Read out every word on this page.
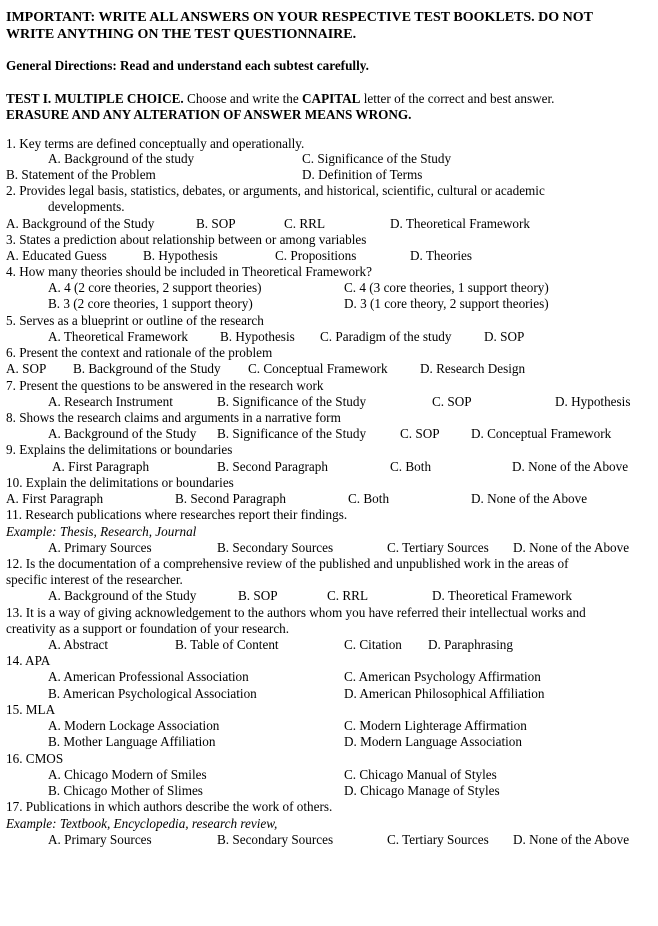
IMPORTANT: WRITE ALL ANSWERS ON YOUR RESPECTIVE TEST BOOKLETS. DO NOT
WRITE ANYTHING ON THE TEST QUESTIONNAIRE.
General Directions: Read and understand each subtest carefully.
TEST I. MULTIPLE CHOICE. Choose and write the CAPITAL letter of the correct and best answer.
ERASURE AND ANY ALTERATION OF ANSWER MEANS WRONG.
1. Key terms are defined conceptually and operationally.
A. Background of the study	C. Significance of the Study
B. Statement of the Problem	D. Definition of Terms
2. Provides legal basis, statistics, debates, or arguments, and historical, scientific, cultural or academic
developments.
A. Background of the Study	B. SOP	C. RRL	D. Theoretical Framework
3. States a prediction about relationship between or among variables
A. Educated Guess	B. Hypothesis	C. Propositions	D. Theories
4. How many theories should be included in Theoretical Framework?
A. 4 (2 core theories, 2 support theories)	C. 4 (3 core theories, 1 support theory)
B. 3 (2 core theories, 1 support theory)	D. 3 (1 core theory, 2 support theories)
5. Serves as a blueprint or outline of the research
A. Theoretical Framework B. Hypothesis C. Paradigm of the study D. SOP
6. Present the context and rationale of the problem
A. SOP B. Background of the Study C. Conceptual Framework D. Research Design
7. Present the questions to be answered in the research work
A. Research Instrument	B. Significance of the Study	C. SOP	D. Hypothesis
8. Shows the research claims and arguments in a narrative form
A. Background of the Study B. Significance of the Study	C. SOP D. Conceptual Framework
9. Explains the delimitations or boundaries
A. First Paragraph	B. Second Paragraph	C. Both	D. None of the Above
10. Explain the delimitations or boundaries
A. First Paragraph	B. Second Paragraph	C. Both	D. None of the Above
11. Research publications where researches report their findings.
Example: Thesis, Research, Journal
A. Primary Sources	B. Secondary Sources	C. Tertiary Sources D. None of the Above
12. Is the documentation of a comprehensive review of the published and unpublished work in the areas of
specific interest of the researcher.
A. Background of the Study	B. SOP	C. RRL	D. Theoretical Framework
13. It is a way of giving acknowledgement to the authors whom you have referred their intellectual works and
creativity as a support or foundation of your research.
A. Abstract	B. Table of Content	C. Citation D. Paraphrasing
14. APA
A. American Professional Association	C. American Psychology Affirmation
B. American Psychological Association	D. American Philosophical Affiliation
15. MLA
A. Modern Lockage Association	C. Modern Lighterage Affirmation
B. Mother Language Affiliation	D. Modern Language Association
16. CMOS
A. Chicago Modern of Smiles	C. Chicago Manual of Styles
B. Chicago Mother of Slimes	D. Chicago Manage of Styles
17. Publications in which authors describe the work of others.
Example: Textbook, Encyclopedia, research review,
A. Primary Sources	B. Secondary Sources	C. Tertiary Sources D. None of the Above
